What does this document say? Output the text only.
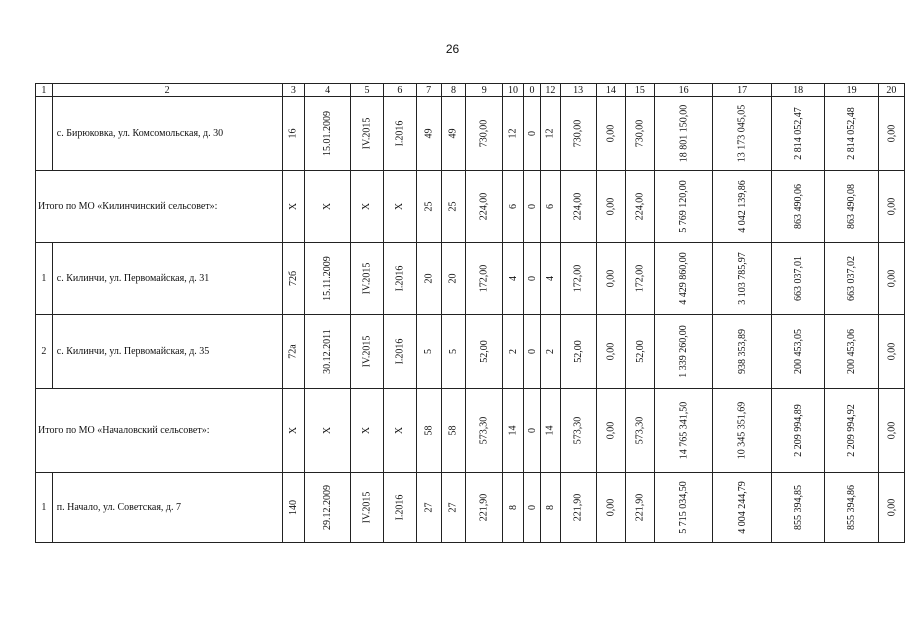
26
1	2	3	4	5	6	7	8	9	10	0	12	13	14	15	16	17	18	19	20
	с. Бирюковка, ул. Комсомольская, д. 30	16	15.01.2009	IV.2015	I.2016	49	49	730,00	12	0	12	730,00	0,00	730,00	18 801 150,00	13 173 045,05	2 814 052,47	2 814 052,48	0,00
Итого по МО «Килинчинский сельсовет»:		X	X	X	X	25	25	224,00	6	0	6	224,00	0,00	224,00	5 769 120,00	4 042 139,86	863 490,06	863 490,08	0,00
1	с. Килинчи, ул. Первомайская, д. 31	72б	15.11.2009	IV.2015	I.2016	20	20	172,00	4	0	4	172,00	0,00	172,00	4 429 860,00	3 103 785,97	663 037,01	663 037,02	0,00
2	с. Килинчи, ул. Первомайская, д. 35	72а	30.12.2011	IV.2015	I.2016	5	5	52,00	2	0	2	52,00	0,00	52,00	1 339 260,00	938 353,89	200 453,05	200 453,06	0,00
Итого по МО «Началовский сельсовет»:		X	X	X	X	58	58	573,30	14	0	14	573,30	0,00	573,30	14 765 341,50	10 345 351,69	2 209 994,89	2 209 994,92	0,00
1	п. Начало, ул. Советская, д. 7	140	29.12.2009	IV.2015	I.2016	27	27	221,90	8	0	8	221,90	0,00	221,90	5 715 034,50	4 004 244,79	855 394,85	855 394,86	0,00
